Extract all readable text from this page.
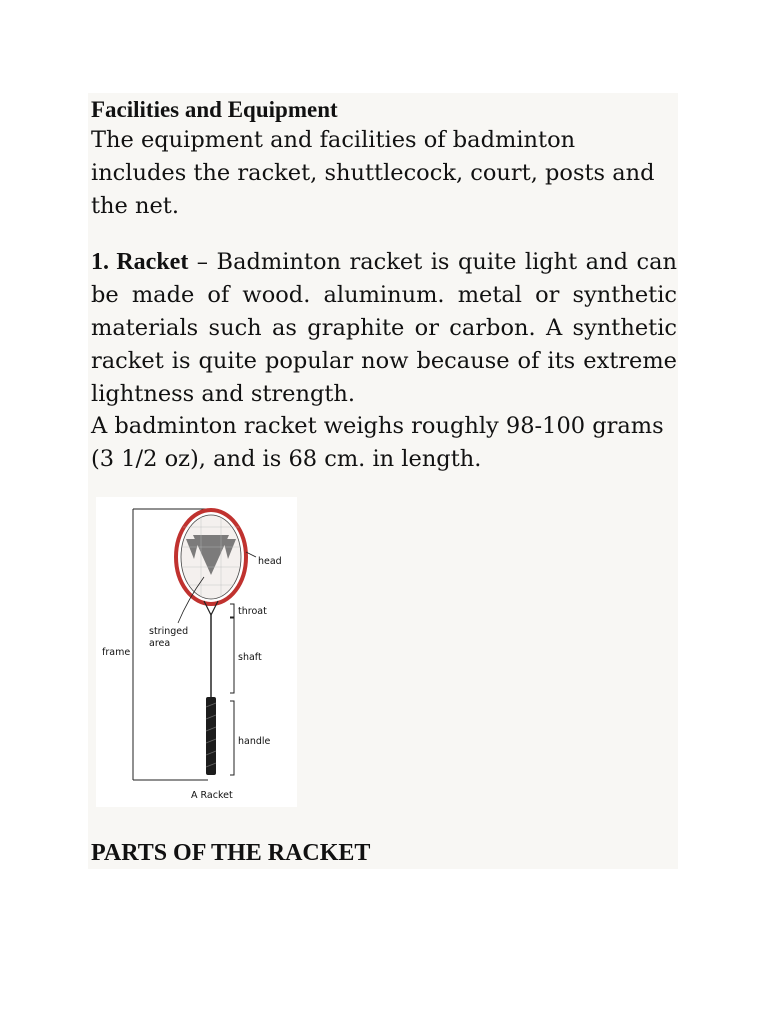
Facilities and Equipment

The equipment and facilities of badminton includes the racket, shuttlecock, court, posts and the net.

1. Racket – Badminton racket is quite light and can be made of wood. aluminum. metal or synthetic materials such as graphite or carbon. A synthetic racket is quite popular now because of its extreme lightness and strength.

A badminton racket weighs roughly 98-100 grams (3 1/2 oz), and is 68 cm. in length.

head
throat
stringed
area
frame	shaft
handle
A Racket
PARTS OF THE RACKET
